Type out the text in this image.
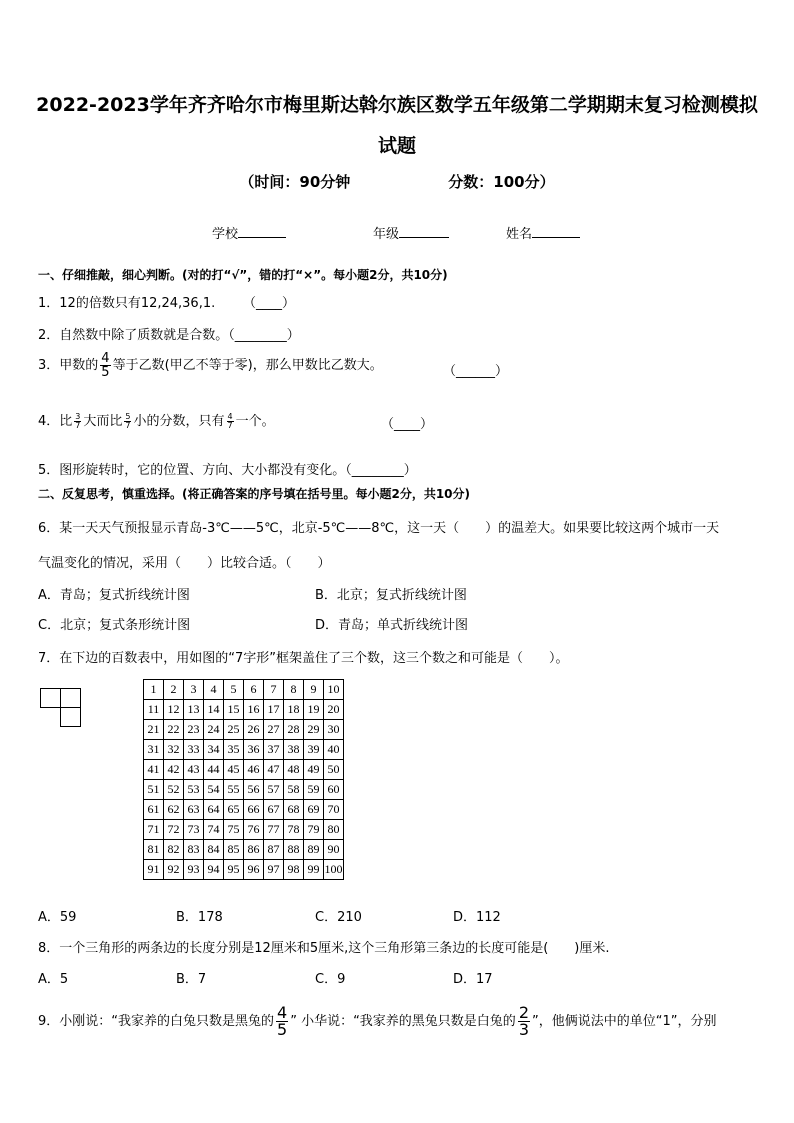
2022-2023学年齐齐哈尔市梅里斯达斡尔族区数学五年级第二学期期末复习检测模拟
试题
（时间：90分钟	分数：100分）
学校	年级	姓名
一、仔细推敲，细心判断。(对的打“√”，错的打“×”。每小题2分，共10分)
1．12的倍数只有12,24,36,1. （____）
2．自然数中除了质数就是合数。（________）
3．甲数的 $\frac{4}{5}$ 等于乙数(甲乙不等于零)，那么甲数比乙数大。	（______）
4．比 $\frac{3}{7}$ 大而比 $\frac{5}{7}$ 小的分数，只有 $\frac{4}{7}$ 一个。	（____）
5．图形旋转时，它的位置、方向、大小都没有变化。（________）
二、反复思考，慎重选择。(将正确答案的序号填在括号里。每小题2分，共10分)
6．某一天天气预报显示青岛-3℃——5℃，北京-5℃——8℃，这一天（　　）的温差大。如果要比较这两个城市一天
气温变化的情况，采用（　　）比较合适。（　　）
A．青岛；复式折线统计图	B．北京；复式折线统计图
C．北京；复式条形统计图	D．青岛；单式折线统计图
7．在下边的百数表中，用如图的“7字形”框架盖住了三个数，这三个数之和可能是（　　）。
1	2	3	4	5	6	7	8	9	10
11	12	13	14	15	16	17	18	19	20
21	22	23	24	25	26	27	28	29	30
31	32	33	34	35	36	37	38	39	40
41	42	43	44	45	46	47	48	49	50
51	52	53	54	55	56	57	58	59	60
61	62	63	64	65	66	67	68	69	70
71	72	73	74	75	76	77	78	79	80
81	82	83	84	85	86	87	88	89	90
91	92	93	94	95	96	97	98	99	100
A．59	B．178	C．210	D．112
8．一个三角形的两条边的长度分别是12厘米和5厘米,这个三角形第三条边的长度可能是(　　)厘米.
A．5	B．7	C．9	D．17
9．小刚说：“我家养的白兔只数是黑兔的 $\frac{4}{5}$ ” 小华说：“我家养的黑兔只数是白兔的 $\frac{2}{3}$ ”，他俩说法中的单位“1”，分别
